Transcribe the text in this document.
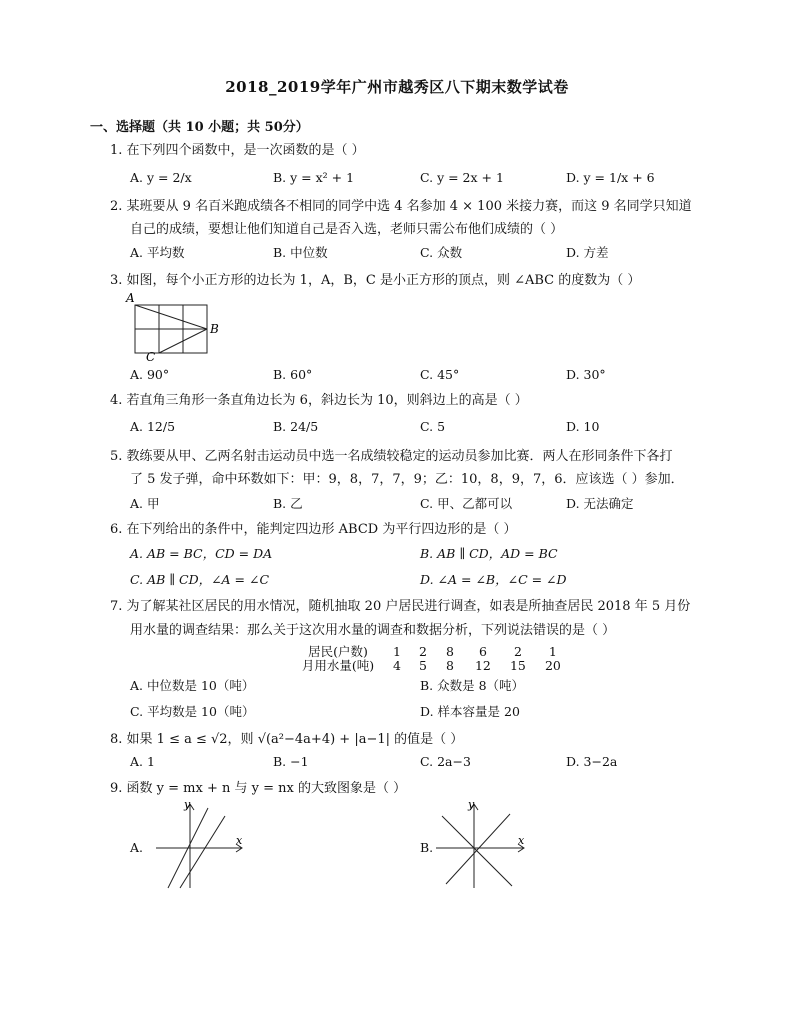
2018_2019学年广州市越秀区八下期末数学试卷
一、选择题（共 10 小题；共 50分）
1. 在下列四个函数中，是一次函数的是（ ）
A. y = 2/x	B. y = x² + 1	C. y = 2x + 1	D. y = 1/x + 6
2. 某班要从 9 名百米跑成绩各不相同的同学中选 4 名参加 4 × 100 米接力赛，而这 9 名同学只知道
自己的成绩，要想让他们知道自己是否入选，老师只需公布他们成绩的（ ）
A. 平均数	B. 中位数	C. 众数	D. 方差
3. 如图，每个小正方形的边长为 1，A，B，C 是小正方形的顶点，则 ∠ABC 的度数为（ ）
A
B
C
A. 90°	B. 60°	C. 45°	D. 30°
4. 若直角三角形一条直角边长为 6，斜边长为 10，则斜边上的高是（ ）
A. 12/5	B. 24/5	C. 5	D. 10
5. 教练要从甲、乙两名射击运动员中选一名成绩较稳定的运动员参加比赛．两人在形同条件下各打
了 5 发子弹，命中环数如下：甲：9，8，7，7，9；乙：10，8，9，7，6．应该选（ ）参加．
A. 甲	B. 乙	C. 甲、乙都可以	D. 无法确定
6. 在下列给出的条件中，能判定四边形 ABCD 为平行四边形的是（ ）
A. AB = BC，CD = DA	B. AB ∥ CD，AD = BC
C. AB ∥ CD，∠A = ∠C	D. ∠A = ∠B，∠C = ∠D
7. 为了解某社区居民的用水情况，随机抽取 20 户居民进行调查，如表是所抽查居民 2018 年 5 月份
用水量的调查结果：那么关于这次用水量的调查和数据分析，下列说法错误的是（ ）
居民(户数) 1 2 8 6 2 1
月用水量(吨) 4 5 8 12 15 20
A. 中位数是 10（吨）	B. 众数是 8（吨）
C. 平均数是 10（吨）	D. 样本容量是 20
8. 如果 1 ≤ a ≤ √2，则 √(a²−4a+4) + |a−1| 的值是（ ）
A. 1	B. −1	C. 2a−3	D. 3−2a
9. 函数 y = mx + n 与 y = nx 的大致图象是（ ）
A.
y
x	B.
y
x
